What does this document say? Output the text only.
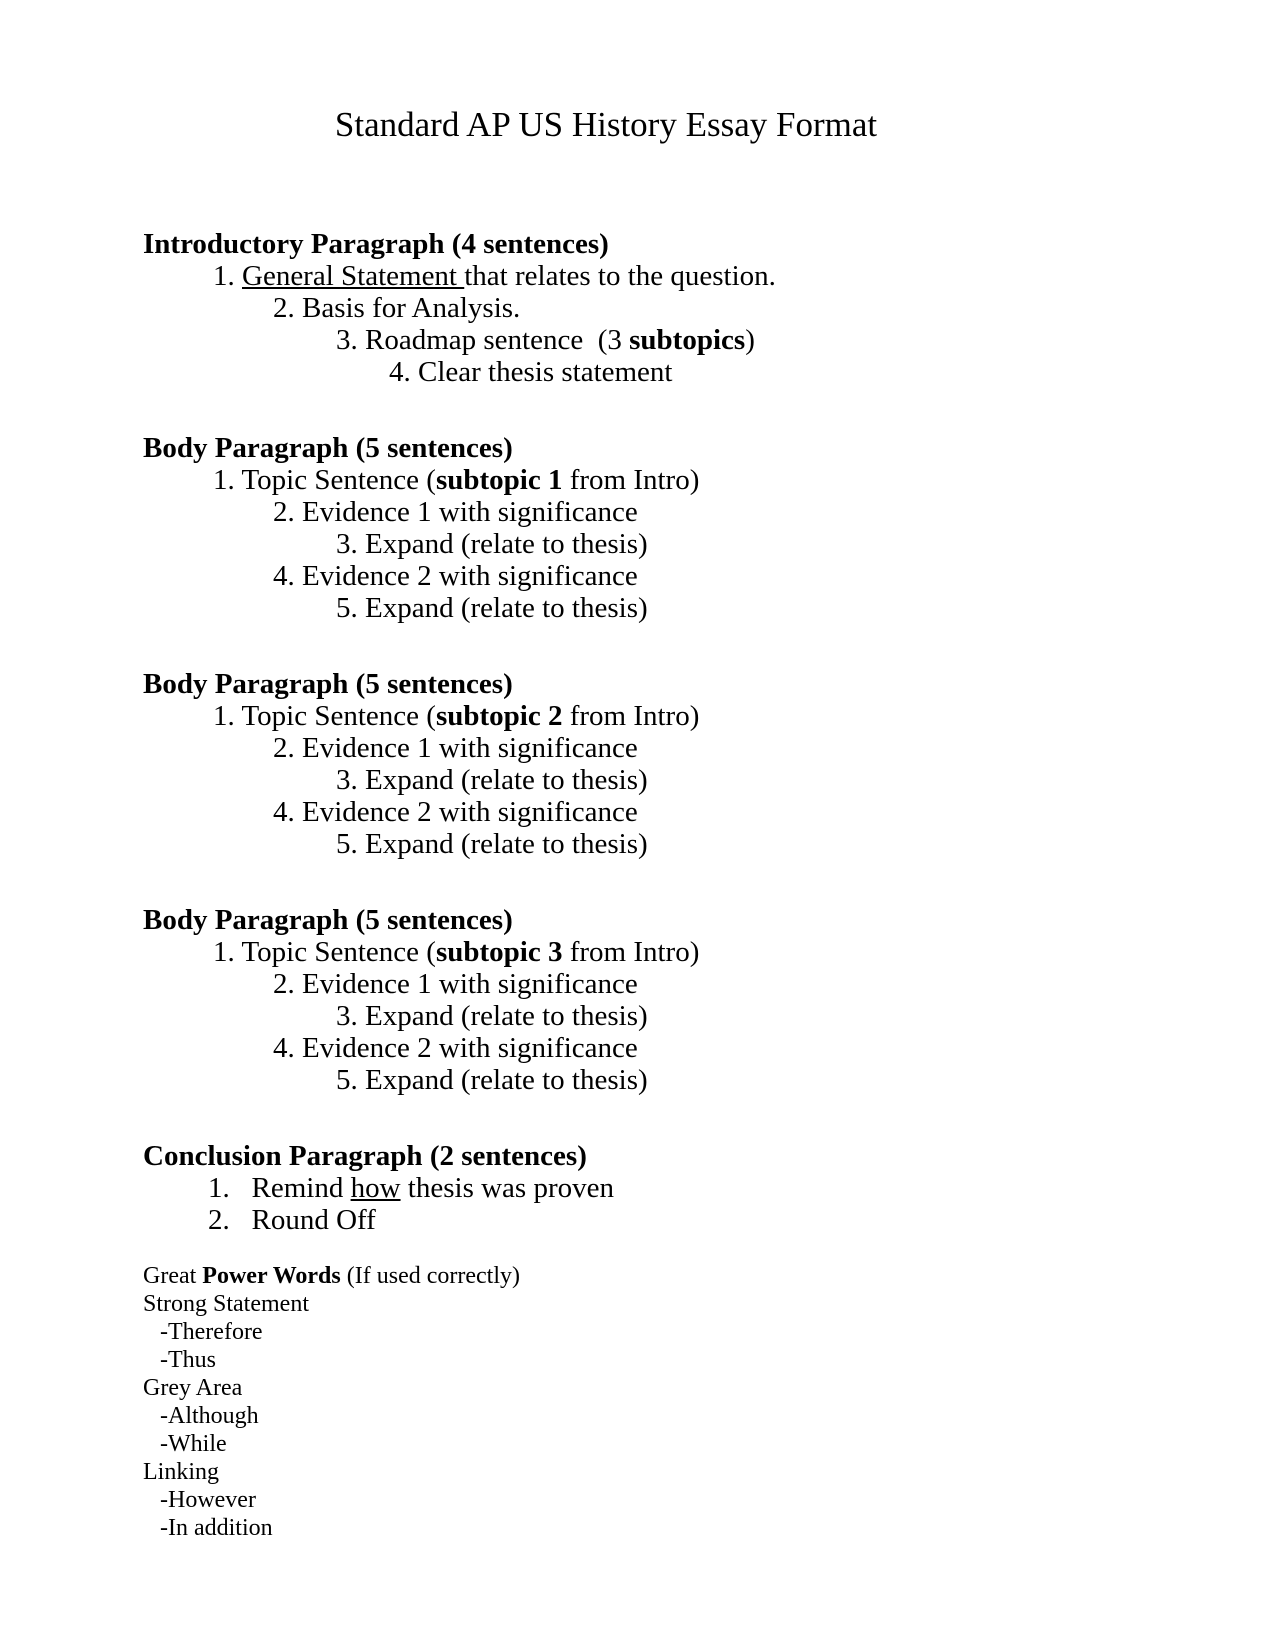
Standard AP US History Essay Format
Introductory Paragraph (4 sentences)
1. General Statement that relates to the question.
2. Basis for Analysis.
3. Roadmap sentence  (3 subtopics)
4. Clear thesis statement
Body Paragraph (5 sentences)
1. Topic Sentence (subtopic 1 from Intro)
2. Evidence 1 with significance
3. Expand (relate to thesis)
4. Evidence 2 with significance
5. Expand (relate to thesis)
Body Paragraph (5 sentences)
1. Topic Sentence (subtopic 2 from Intro)
2. Evidence 1 with significance
3. Expand (relate to thesis)
4. Evidence 2 with significance
5. Expand (relate to thesis)
Body Paragraph (5 sentences)
1. Topic Sentence (subtopic 3 from Intro)
2. Evidence 1 with significance
3. Expand (relate to thesis)
4. Evidence 2 with significance
5. Expand (relate to thesis)
Conclusion Paragraph (2 sentences)
1.   Remind how thesis was proven
2.   Round Off
Great Power Words (If used correctly)
Strong Statement
-Therefore
-Thus
Grey Area
-Although
-While
Linking
-However
-In addition
